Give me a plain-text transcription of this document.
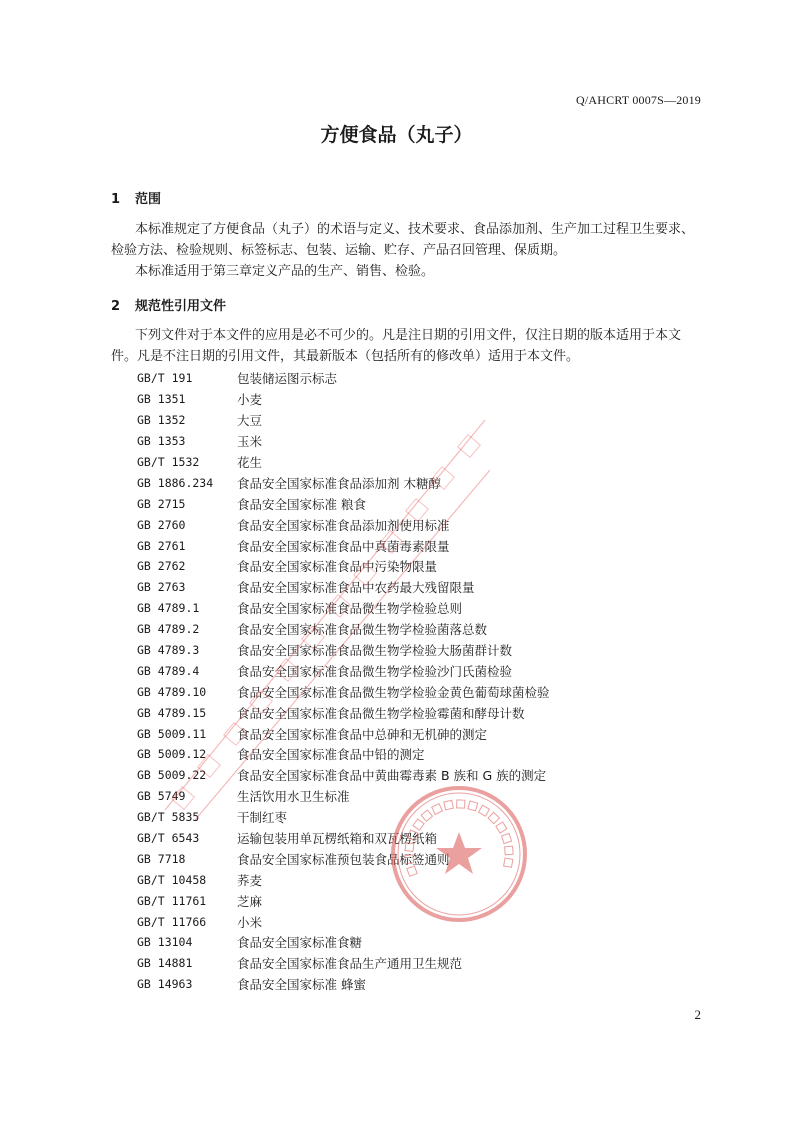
Q/AHCRT 0007S—2019
方便食品（丸子）
1 范围
本标准规定了方便食品（丸子）的术语与定义、技术要求、食品添加剂、生产加工过程卫生要求、检验方法、检验规则、标签标志、包装、运输、贮存、产品召回管理、保质期。
本标准适用于第三章定义产品的生产、销售、检验。
2 规范性引用文件
下列文件对于本文件的应用是必不可少的。凡是注日期的引用文件，仅注日期的版本适用于本文件。凡是不注日期的引用文件，其最新版本（包括所有的修改单）适用于本文件。
GB/T 191	包装储运图示标志
GB 1351	小麦
GB 1352	大豆
GB 1353	玉米
GB/T 1532	花生
GB 1886.234	食品安全国家标准食品添加剂 木糖醇
GB 2715	食品安全国家标准 粮食
GB 2760	食品安全国家标准食品添加剂使用标准
GB 2761	食品安全国家标准食品中真菌毒素限量
GB 2762	食品安全国家标准食品中污染物限量
GB 2763	食品安全国家标准食品中农药最大残留限量
GB 4789.1	食品安全国家标准食品微生物学检验总则
GB 4789.2	食品安全国家标准食品微生物学检验菌落总数
GB 4789.3	食品安全国家标准食品微生物学检验大肠菌群计数
GB 4789.4	食品安全国家标准食品微生物学检验沙门氏菌检验
GB 4789.10	食品安全国家标准食品微生物学检验金黄色葡萄球菌检验
GB 4789.15	食品安全国家标准食品微生物学检验霉菌和酵母计数
GB 5009.11	食品安全国家标准食品中总砷和无机砷的测定
GB 5009.12	食品安全国家标准食品中铅的测定
GB 5009.22	食品安全国家标准食品中黄曲霉毒素 B 族和 G 族的测定
GB 5749	生活饮用水卫生标准
GB/T 5835	干制红枣
GB/T 6543	运输包装用单瓦楞纸箱和双瓦楞纸箱
GB 7718	食品安全国家标准预包装食品标签通则
GB/T 10458	荞麦
GB/T 11761	芝麻
GB/T 11766	小米
GB 13104	食品安全国家标准食糖
GB 14881	食品安全国家标准食品生产通用卫生规范
GB 14963	食品安全国家标准 蜂蜜
2
